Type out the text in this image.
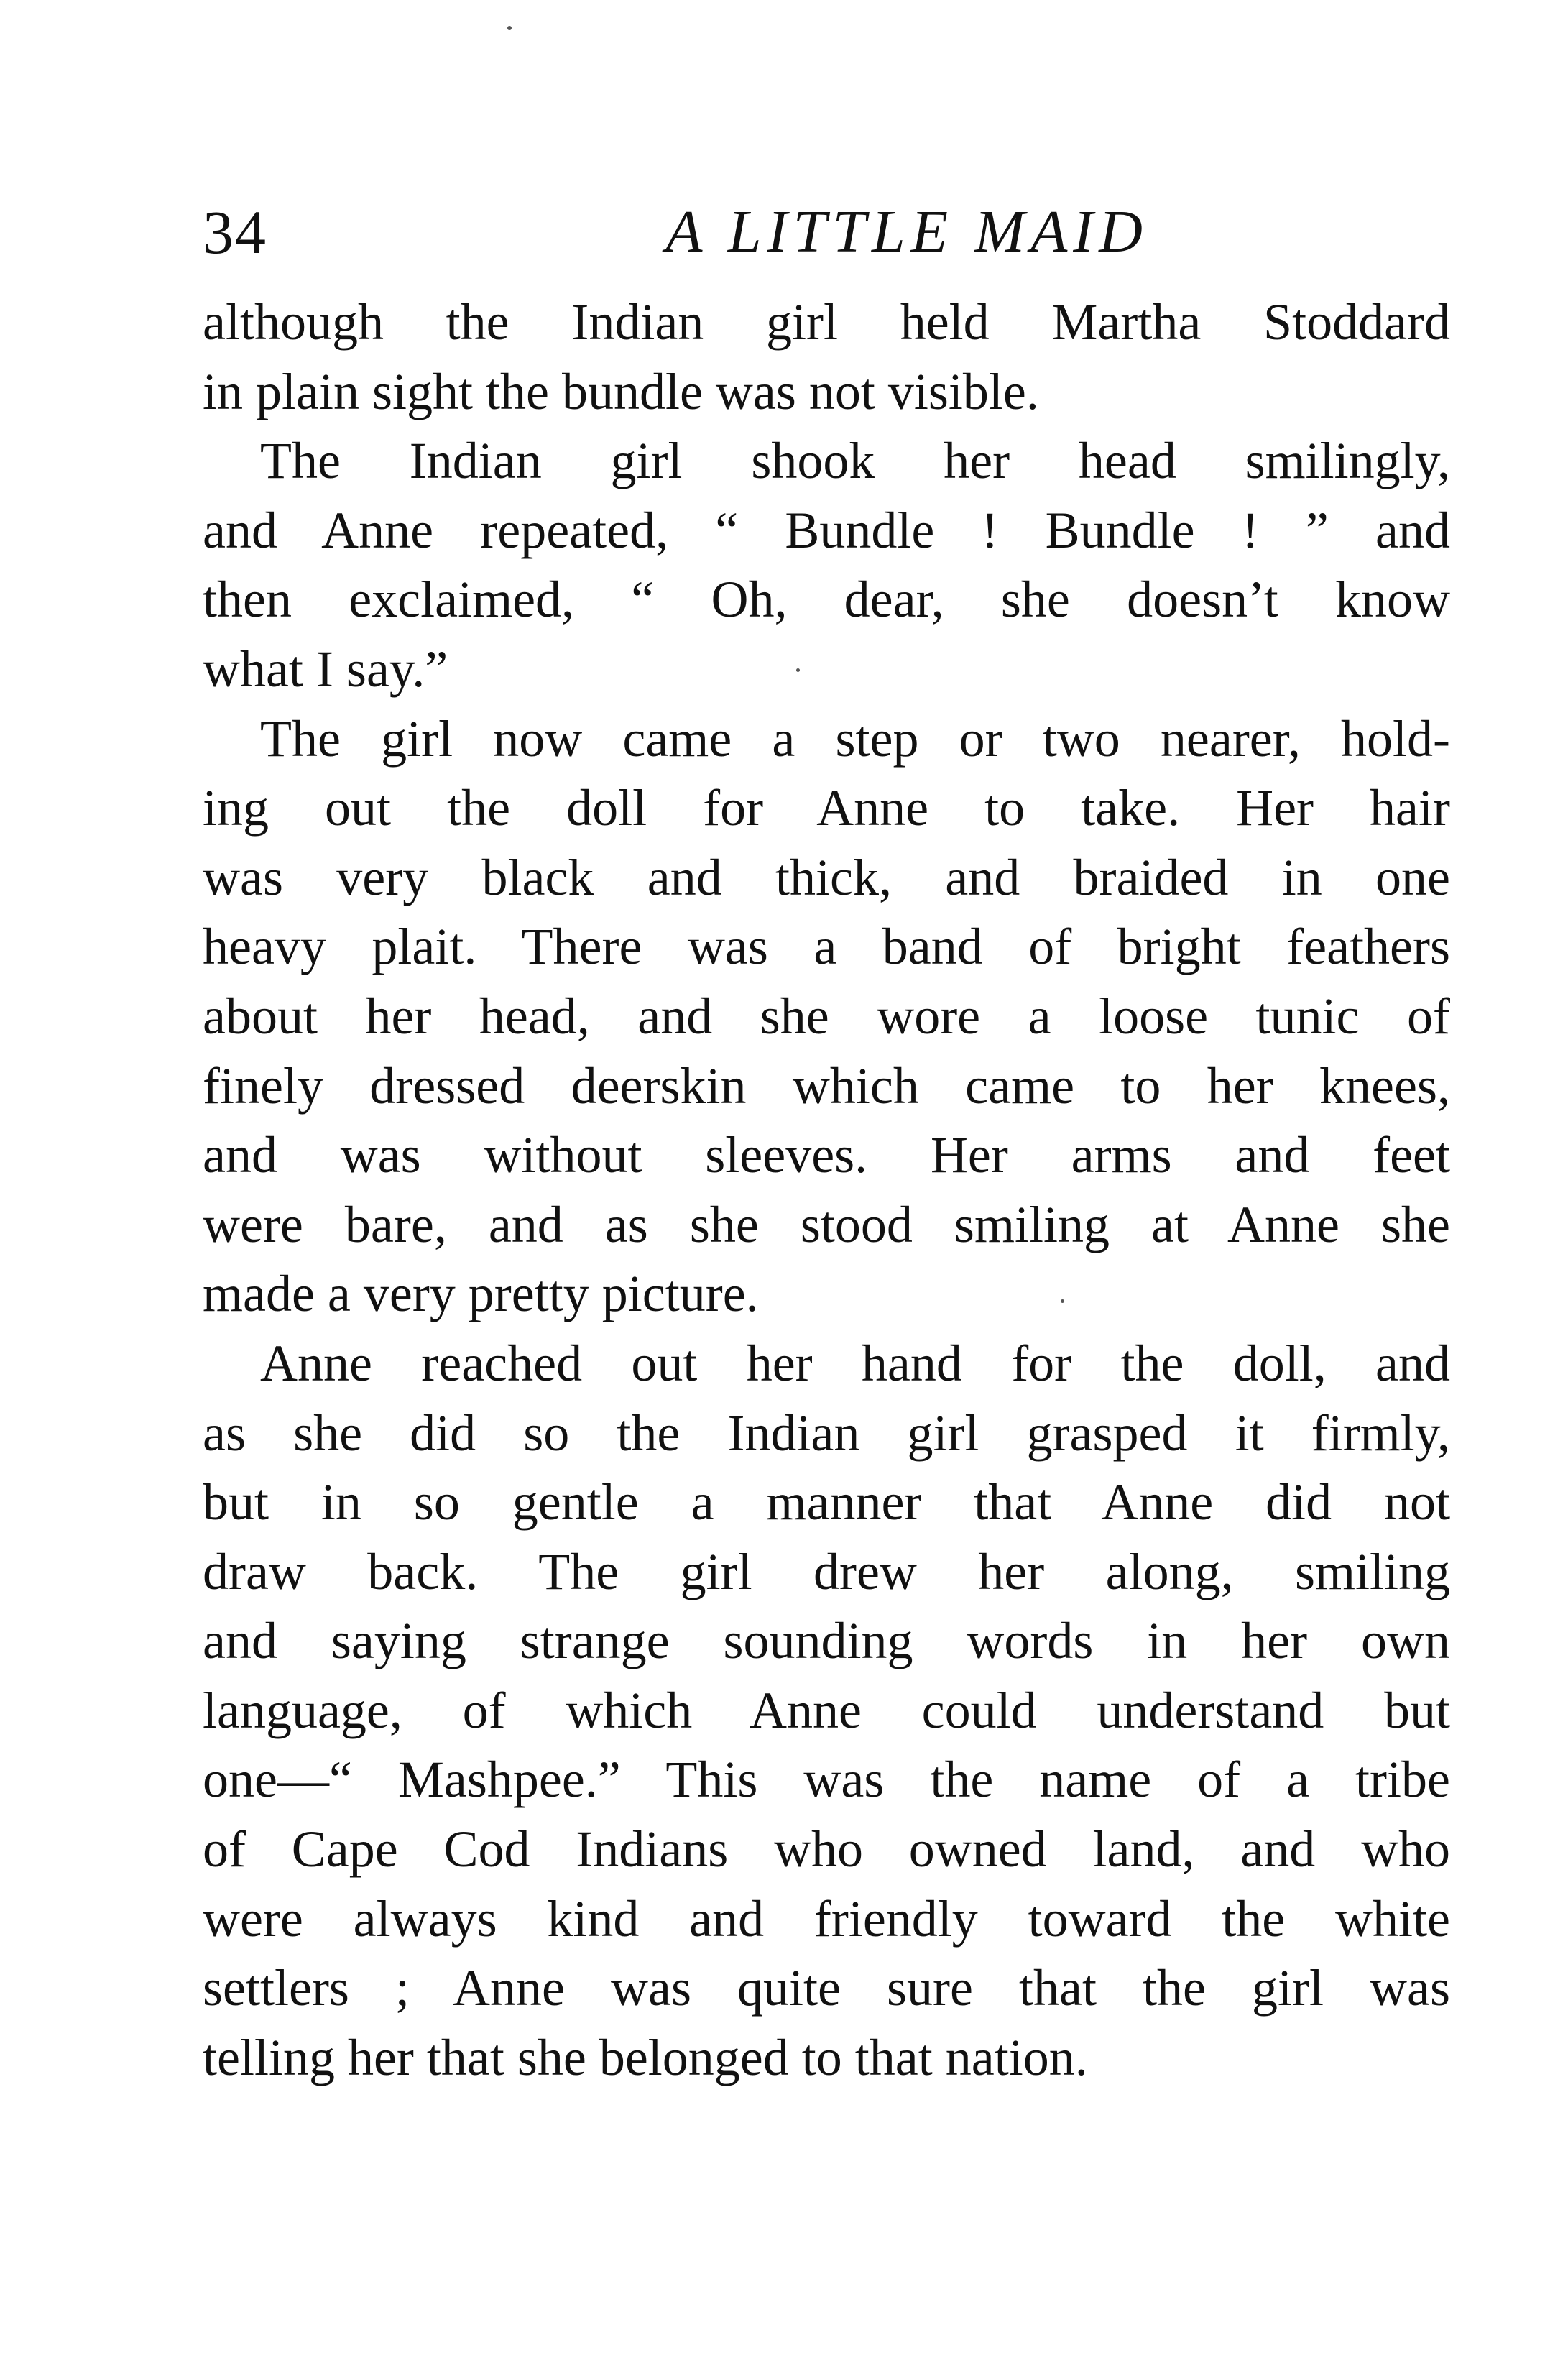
34	A LITTLE MAID
although the Indian girl held Martha Stoddard
in plain sight the bundle was not visible.
The Indian girl shook her head smilingly,
and Anne repeated, “ Bundle ! Bundle ! ” and
then exclaimed, “ Oh, dear, she doesn’t know
what I say.”
The girl now came a step or two nearer, hold-
ing out the doll for Anne to take. Her hair
was very black and thick, and braided in one
heavy plait. There was a band of bright feathers
about her head, and she wore a loose tunic of
finely dressed deerskin which came to her knees,
and was without sleeves. Her arms and feet
were bare, and as she stood smiling at Anne she
made a very pretty picture.
Anne reached out her hand for the doll, and
as she did so the Indian girl grasped it firmly,
but in so gentle a manner that Anne did not
draw back. The girl drew her along, smiling
and saying strange sounding words in her own
language, of which Anne could understand but
one—“ Mashpee.” This was the name of a tribe
of Cape Cod Indians who owned land, and who
were always kind and friendly toward the white
settlers ; Anne was quite sure that the girl was
telling her that she belonged to that nation.
